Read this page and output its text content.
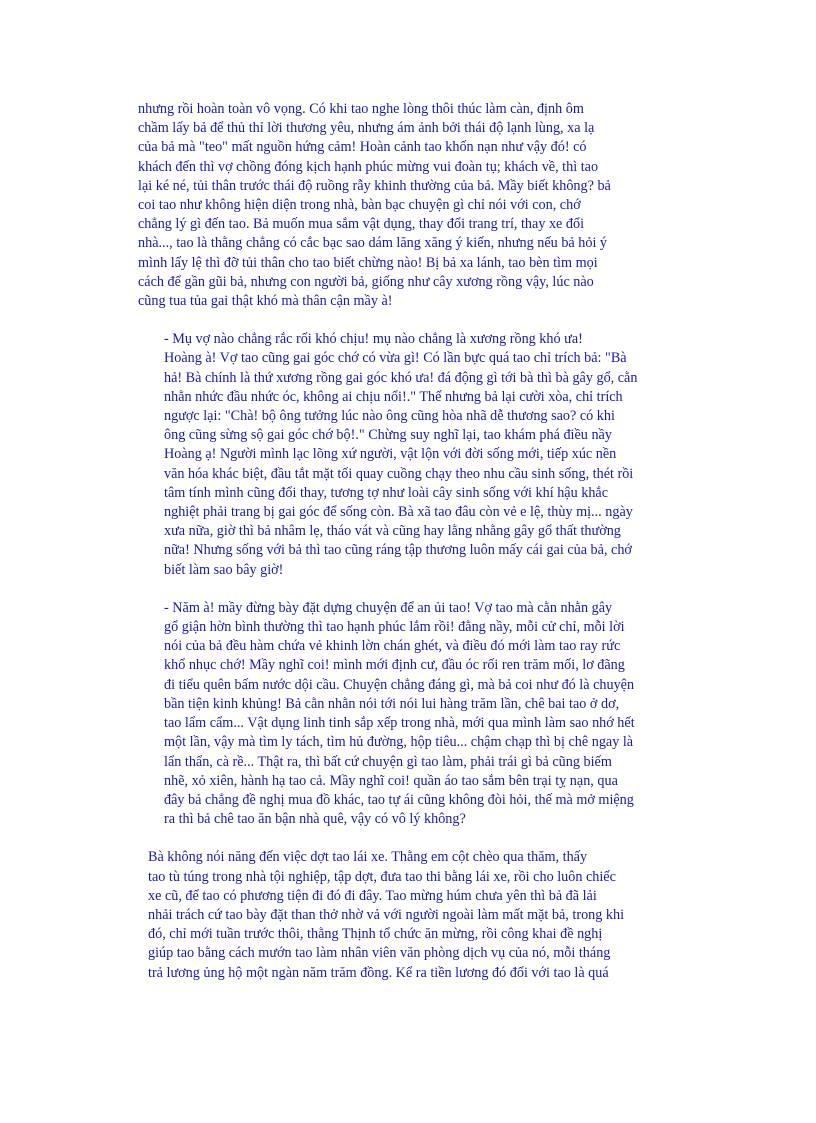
nhưng rồi hoàn toàn vô vọng. Có khi tao nghe lòng thôi thúc làm càn, định ôm
chầm lấy bả để thủ thỉ lời thương yêu, nhưng ám ảnh bởi thái độ lạnh lùng, xa lạ
của bả mà "teo" mất nguồn hứng cảm! Hoàn cảnh tao khốn nạn như vậy đó! có
khách đến thì vợ chồng đóng kịch hạnh phúc mừng vui đoàn tụ; khách về, thì tao
lại ké né, tủi thân trước thái độ ruồng rẫy khinh thường của bả. Mầy biết không? bả
coi tao như không hiện diện trong nhà, bàn bạc chuyện gì chỉ nói với con, chớ
chẳng lý gì đến tao. Bả muốn mua sắm vật dụng, thay đổi trang trí, thay xe đổi
nhà..., tao là thằng chẳng có cắc bạc sao dám lăng xăng ý kiến, nhưng nếu bả hỏi ý
mình lấy lệ thì đỡ tủi thân cho tao biết chừng nào! Bị bả xa lánh, tao bèn tìm mọi
cách để gần gũi bả, nhưng con người bả, giống như cây xương rồng vậy, lúc nào
cũng tua tủa gai thật khó mà thân cận mầy à!
- Mụ vợ nào chẳng rắc rối khó chịu! mụ nào chẳng là xương rồng khó ưa!
Hoàng à! Vợ tao cũng gai góc chớ có vừa gì! Có lần bực quá tao chỉ trích bả: "Bà
hả! Bà chính là thứ xương rồng gai góc khó ưa! đá động gì tới bà thì bà gây gổ, cằn
nhằn nhức đầu nhức óc, không ai chịu nổi!." Thế nhưng bả lại cười xòa, chỉ trích
ngược lại: "Chà! bộ ông tưởng lúc nào ông cũng hòa nhã dễ thương sao? có khi
ông cũng sừng sộ gai góc chớ bộ!." Chừng suy nghĩ lại, tao khám phá điều nầy
Hoàng ạ! Người mình lạc lõng xứ người, vật lộn với đời sống mới, tiếp xúc nền
văn hóa khác biệt, đầu tắt mặt tối quay cuồng chạy theo nhu cầu sinh sống, thét rồi
tâm tính mình cũng đổi thay, tương tợ như loài cây sinh sống với khí hậu khắc
nghiệt phải trang bị gai góc để sống còn. Bà xã tao đâu còn vẻ e lệ, thùy mị... ngày
xưa nữa, giờ thì bả nhâm lẹ, tháo vát và cũng hay lằng nhằng gây gổ thất thường
nữa! Nhưng sống với bả thì tao cũng ráng tập thương luôn mấy cái gai của bả, chớ
biết làm sao bây giờ!
- Năm à! mầy đừng bày đặt dựng chuyện để an ủi tao! Vợ tao mà cằn nhằn gây
gổ giận hờn bình thường thì tao hạnh phúc lắm rồi! đằng nầy, mỗi cử chỉ, mỗi lời
nói của bả đều hàm chứa vẻ khinh lờn chán ghét, và điều đó mới làm tao ray rức
khổ nhục chớ! Mầy nghĩ coi! mình mới định cư, đầu óc rối ren trăm mối, lơ đãng
đi tiểu quên bấm nước dội cầu. Chuyện chẳng đáng gì, mà bả coi như đó là chuyện
bần tiện kinh khủng! Bả cằn nhằn nói tới nói lui hàng trăm lần, chê bai tao ở dơ,
tao lẩm cẩm... Vật dụng linh tinh sắp xếp trong nhà, mới qua mình làm sao nhớ hết
một lần, vậy mà tìm ly tách, tìm hủ đường, hộp tiêu... chậm chạp thì bị chê ngay là
lẩn thẩn, cà rề... Thật ra, thì bất cứ chuyện gì tao làm, phải trái gì bả cũng biếm
nhẽ, xỏ xiên, hành hạ tao cả. Mầy nghĩ coi! quần áo tao sắm bên trại tỵ nạn, qua
đây bả chẳng đề nghị mua đồ khác, tao tự ái cũng không đòi hỏi, thế mà mở miệng
ra thì bả chê tao ăn bận nhà quê, vậy có vô lý không?
Bà không nói năng đến việc dợt tao lái xe. Thằng em cột chèo qua thăm, thấy
tao tù túng trong nhà tội nghiệp, tập dợt, đưa tao thi bằng lái xe, rồi cho luôn chiếc
xe cũ, để tao có phương tiện đi đó đi đây. Tao mừng húm chưa yên thì bả đã lải
nhải trách cứ tao bày đặt than thở nhờ vả với người ngoài làm mất mặt bả, trong khi
đó, chỉ mới tuần trước thôi, thằng Thịnh tổ chức ăn mừng, rồi công khai đề nghị
giúp tao bằng cách mướn tao làm nhân viên văn phòng dịch vụ của nó, mỗi tháng
trả lương ủng hộ một ngàn năm trăm đồng. Kể ra tiền lương đó đối với tao là quá
